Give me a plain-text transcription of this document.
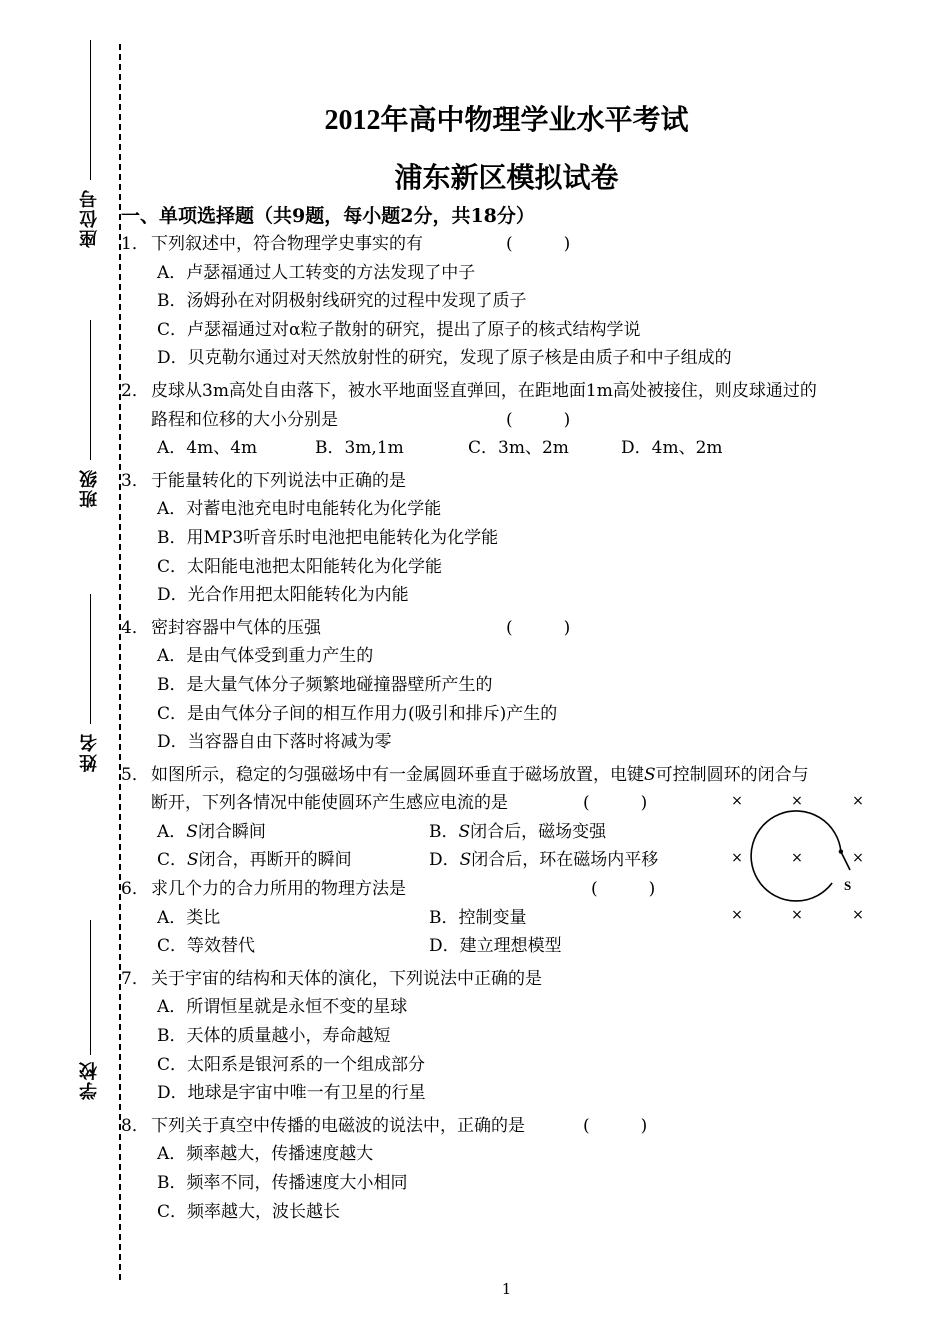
座位号
班级
姓名
学校
2012年高中物理学业水平考试
浦东新区模拟试卷
一、单项选择题（共9题，每小题2分，共18分）
1． 下列叙述中，符合物理学史事实的有	(　　　)
A．卢瑟福通过人工转变的方法发现了中子
B．汤姆孙在对阴极射线研究的过程中发现了质子
C．卢瑟福通过对α粒子散射的研究，提出了原子的核式结构学说
D．贝克勒尔通过对天然放射性的研究，发现了原子核是由质子和中子组成的
2． 皮球从3m高处自由落下，被水平地面竖直弹回，在距地面1m高处被接住，则皮球通过的
路程和位移的大小分别是	(　　　)
A．4m、4m	B．3m,1m	C．3m、2m	D．4m、2m
3． 于能量转化的下列说法中正确的是
A．对蓄电池充电时电能转化为化学能
B．用MP3听音乐时电池把电能转化为化学能
C．太阳能电池把太阳能转化为化学能
D．光合作用把太阳能转化为内能
4． 密封容器中气体的压强	(　　　)
A．是由气体受到重力产生的
B．是大量气体分子频繁地碰撞器壁所产生的
C．是由气体分子间的相互作用力(吸引和排斥)产生的
D．当容器自由下落时将减为零
5． 如图所示，稳定的匀强磁场中有一金属圆环垂直于磁场放置，电键S可控制圆环的闭合与
断开，下列各情况中能使圆环产生感应电流的是	(　　　)
A．S闭合瞬间	B．S闭合后，磁场变强
C．S闭合，再断开的瞬间	D．S闭合后，环在磁场内平移
6． 求几个力的合力所用的物理方法是	(　　　)
A．类比	B．控制变量
C．等效替代	D．建立理想模型
7． 关于宇宙的结构和天体的演化，下列说法中正确的是
A．所谓恒星就是永恒不变的星球
B．天体的质量越小，寿命越短
C．太阳系是银河系的一个组成部分
D．地球是宇宙中唯一有卫星的行星
8． 下列关于真空中传播的电磁波的说法中，正确的是	(　　　)
A．频率越大，传播速度越大
B．频率不同，传播速度大小相同
C．频率越大，波长越长
×	×	×
×	×	×
×	×	×
S
1
